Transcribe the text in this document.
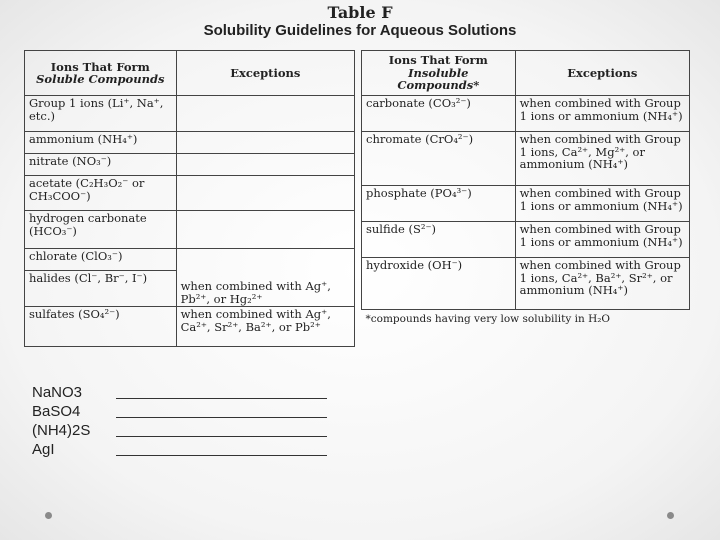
Table F
Solubility Guidelines for Aqueous Solutions
Ions That Form
Soluble Compounds	Exceptions
Group 1 ions (Li⁺, Na⁺, etc.)	
ammonium (NH₄⁺)	
nitrate (NO₃⁻)	
acetate (C₂H₃O₂⁻ or CH₃COO⁻)	
hydrogen carbonate (HCO₃⁻)	
chlorate (ClO₃⁻)	when combined with Ag⁺, Pb²⁺, or Hg₂²⁺
halides (Cl⁻, Br⁻, I⁻)	
sulfates (SO₄²⁻)	when combined with Ag⁺, Ca²⁺, Sr²⁺, Ba²⁺, or Pb²⁺
Ions That Form
Insoluble Compounds*	Exceptions
carbonate (CO₃²⁻)	when combined with Group 1 ions or ammonium (NH₄⁺)
chromate (CrO₄²⁻)	when combined with Group 1 ions, Ca²⁺, Mg²⁺, or ammonium (NH₄⁺)
phosphate (PO₄³⁻)	when combined with Group 1 ions or ammonium (NH₄⁺)
sulfide (S²⁻)	when combined with Group 1 ions or ammonium (NH₄⁺)
hydroxide (OH⁻)	when combined with Group 1 ions, Ca²⁺, Ba²⁺, Sr²⁺, or ammonium (NH₄⁺)
*compounds having very low solubility in H₂O	
NaNO3
BaSO4
(NH4)2S
AgI
